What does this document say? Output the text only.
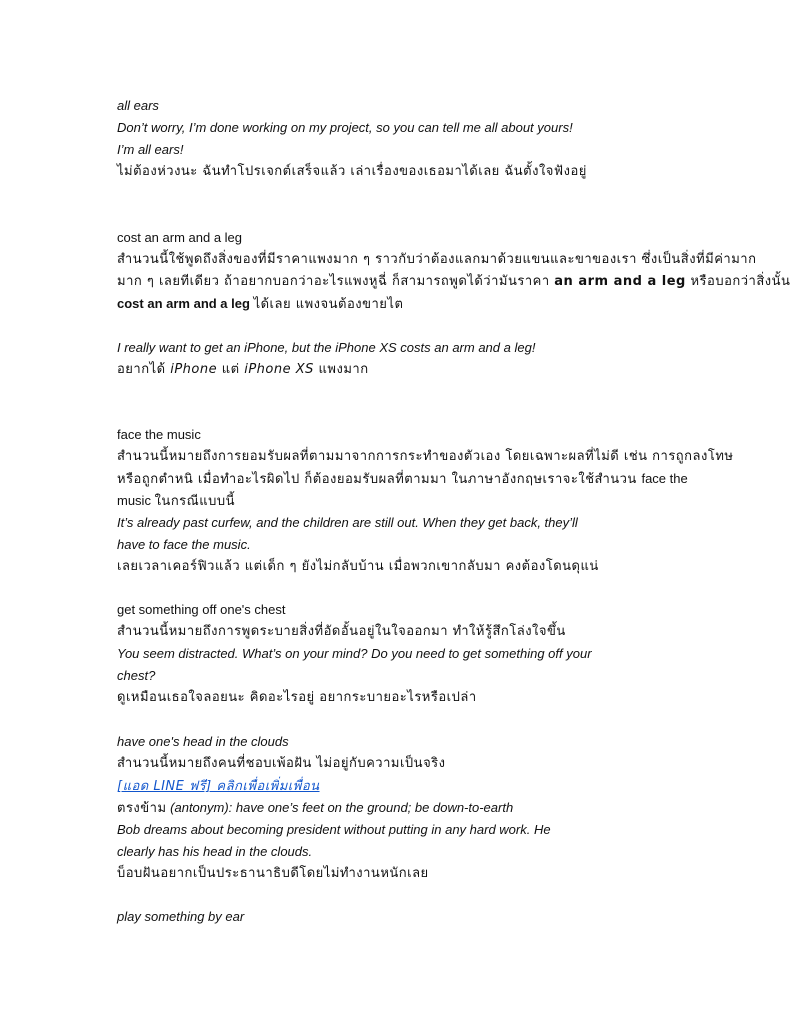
all ears
Don’t worry, I’m done working on my project, so you can tell me all about yours!
I’m all ears!
ไม่ต้องห่วงนะ ฉันทำโปรเจกต์เสร็จแล้ว เล่าเรื่องของเธอมาได้เลย ฉันตั้งใจฟังอยู่
cost an arm and a leg
สำนวนนี้ใช้พูดถึงสิ่งของที่มีราคาแพงมาก ๆ ราวกับว่าต้องแลกมาด้วยแขนและขาของเรา ซึ่งเป็นสิ่งที่มีค่ามาก
มาก ๆ เลยทีเดียว ถ้าอยากบอกว่าอะไรแพงหูฉี่ ก็สามารถพูดได้ว่ามันราคา an arm and a leg หรือบอกว่าสิ่งนั้น
cost an arm and a leg ได้เลย แพงจนต้องขายไต
I really want to get an iPhone, but the iPhone XS costs an arm and a leg!
อยากได้ iPhone แต่ iPhone XS แพงมาก
face the music
สำนวนนี้หมายถึงการยอมรับผลที่ตามมาจากการกระทำของตัวเอง โดยเฉพาะผลที่ไม่ดี เช่น การถูกลงโทษ
หรือถูกตำหนิ เมื่อทำอะไรผิดไป ก็ต้องยอมรับผลที่ตามมา ในภาษาอังกฤษเราจะใช้สำนวน face the
music ในกรณีแบบนี้
It’s already past curfew, and the children are still out. When they get back, they’ll
have to face the music.
เลยเวลาเคอร์ฟิวแล้ว แต่เด็ก ๆ ยังไม่กลับบ้าน เมื่อพวกเขากลับมา คงต้องโดนดุแน่
get something off one's chest
สำนวนนี้หมายถึงการพูดระบายสิ่งที่อัดอั้นอยู่ในใจออกมา ทำให้รู้สึกโล่งใจขึ้น
You seem distracted. What’s on your mind? Do you need to get something off your
chest?
ดูเหมือนเธอใจลอยนะ คิดอะไรอยู่ อยากระบายอะไรหรือเปล่า
have one's head in the clouds
สำนวนนี้หมายถึงคนที่ชอบเพ้อฝัน ไม่อยู่กับความเป็นจริง
[แอด LINE ฟรี] คลิกเพื่อเพิ่มเพื่อน
ตรงข้าม (antonym): have one’s feet on the ground; be down-to-earth
Bob dreams about becoming president without putting in any hard work. He
clearly has his head in the clouds.
บ็อบฝันอยากเป็นประธานาธิบดีโดยไม่ทำงานหนักเลย
play something by ear
